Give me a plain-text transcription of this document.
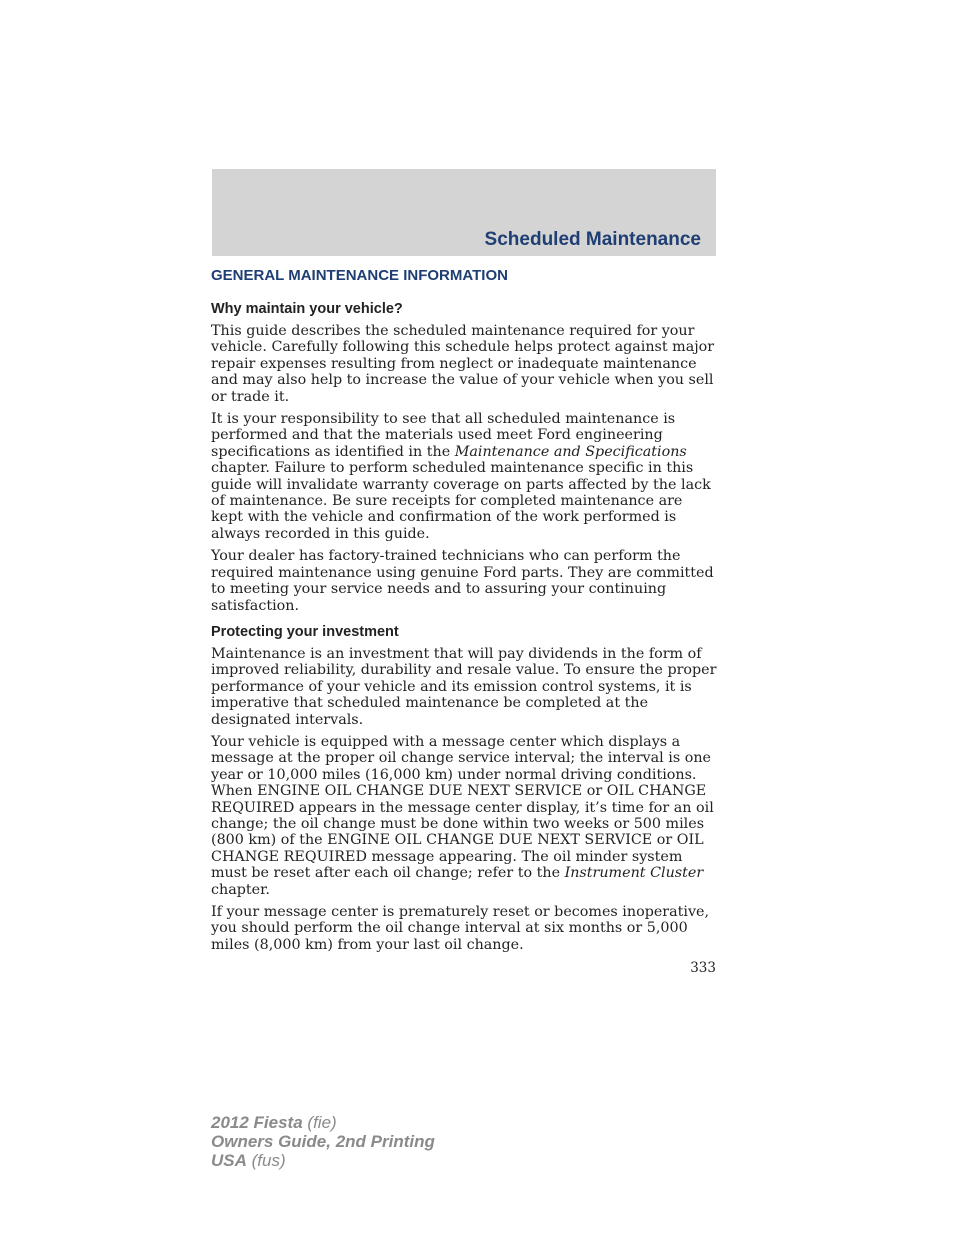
Scheduled Maintenance
GENERAL MAINTENANCE INFORMATION
Why maintain your vehicle?

This guide describes the scheduled maintenance required for your vehicle. Carefully following this schedule helps protect against major repair expenses resulting from neglect or inadequate maintenance and may also help to increase the value of your vehicle when you sell or trade it.

It is your responsibility to see that all scheduled maintenance is performed and that the materials used meet Ford engineering specifications as identified in the Maintenance and Specifications chapter. Failure to perform scheduled maintenance specific in this guide will invalidate warranty coverage on parts affected by the lack of maintenance. Be sure receipts for completed maintenance are kept with the vehicle and confirmation of the work performed is always recorded in this guide.

Your dealer has factory-trained technicians who can perform the required maintenance using genuine Ford parts. They are committed to meeting your service needs and to assuring your continuing satisfaction.

Protecting your investment

Maintenance is an investment that will pay dividends in the form of improved reliability, durability and resale value. To ensure the proper performance of your vehicle and its emission control systems, it is imperative that scheduled maintenance be completed at the designated intervals.

Your vehicle is equipped with a message center which displays a message at the proper oil change service interval; the interval is one year or 10,000 miles (16,000 km) under normal driving conditions. When ENGINE OIL CHANGE DUE NEXT SERVICE or OIL CHANGE REQUIRED appears in the message center display, it’s time for an oil change; the oil change must be done within two weeks or 500 miles (800 km) of the ENGINE OIL CHANGE DUE NEXT SERVICE or OIL CHANGE REQUIRED message appearing. The oil minder system must be reset after each oil change; refer to the Instrument Cluster chapter.

If your message center is prematurely reset or becomes inoperative, you should perform the oil change interval at six months or 5,000 miles (8,000 km) from your last oil change.

333
2012 Fiesta (fie)
Owners Guide, 2nd Printing
USA (fus)
